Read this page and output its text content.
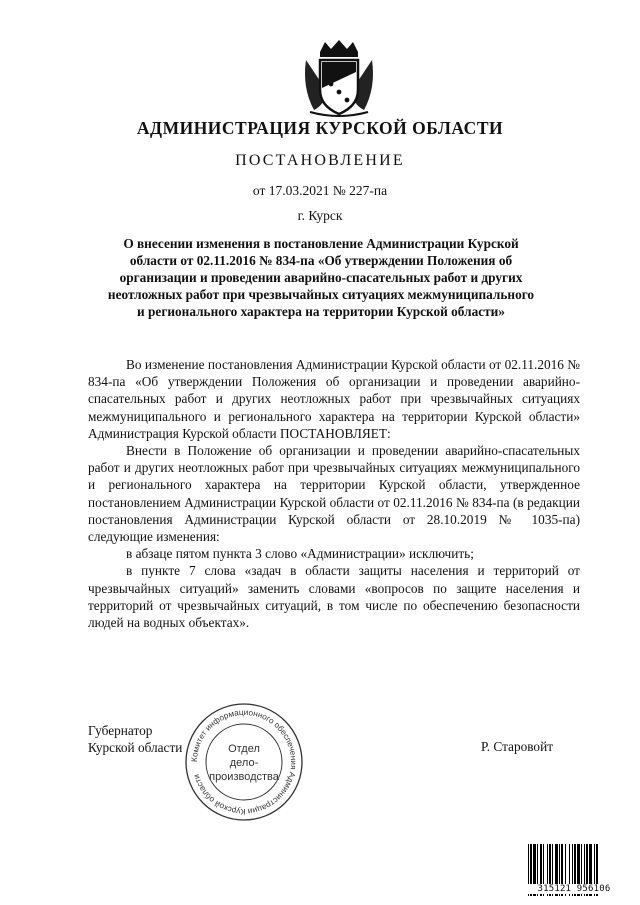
АДМИНИСТРАЦИЯ КУРСКОЙ ОБЛАСТИ
ПОСТАНОВЛЕНИЕ
от 17.03.2021 № 227-па
г. Курск
О внесении изменения в постановление Администрации Курской
области от 02.11.2016 № 834-па «Об утверждении Положения об
организации и проведении аварийно-спасательных работ и других
неотложных работ при чрезвычайных ситуациях межмуниципального
и регионального характера на территории Курской области»

Во изменение постановления Администрации Курской области от 02.11.2016 № 834-па «Об утверждении Положения об организации и проведении аварийно-спасательных работ и других неотложных работ при чрезвычайных ситуациях межмуниципального и регионального характера на территории Курской области» Администрация Курской области ПОСТАНОВЛЯЕТ:

Внести в Положение об организации и проведении аварийно-спасательных работ и других неотложных работ при чрезвычайных ситуациях межмуниципального и регионального характера на территории Курской области, утвержденное постановлением Администрации Курской области от 02.11.2016 № 834-па (в редакции постановления Администрации Курской области от 28.10.2019 № 1035-па) следующие изменения:

в абзаце пятом пункта 3 слово «Администрации» исключить;

в пункте 7 слова «задач в области защиты населения и территорий от чрезвычайных ситуаций» заменить словами «вопросов по защите населения и территорий от чрезвычайных ситуаций, в том числе по обеспечению безопасности людей на водных объектах».

Губернатор
Курской области	Р. Старовойт
Комитет информационного обеспечения Администрации Курской области
Отдел
дело-
производства
315121 956106
